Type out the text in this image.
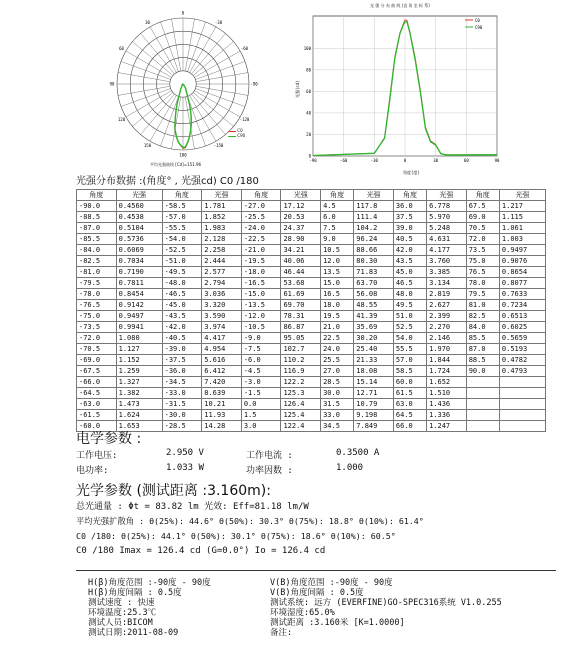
-150
-120
-90
-60
-30
0
30
60
90
120
150
180
C0
C90
平均光强曲线 [Cd]=151.96
光 强 分 布 曲 线 (直 角 坐 标 系)
-90	-60	-30	0	30	60	90
100
80
60
40
20
0
C0
C90
光强(cd)
角度(度)
光强分布数据 :(角度° , 光强cd) C0 /180
角度	光强	角度	光强	角度	光强	角度	光强	角度	光强	角度	光强
-90.0	0.4560	-58.5	1.781	-27.0	17.12	4.5	117.8	36.0	6.778	67.5	1.217
-88.5	0.4538	-57.0	1.852	-25.5	20.53	6.0	111.4	37.5	5.970	69.0	1.115
-87.0	0.5104	-55.5	1.983	-24.0	24.37	7.5	104.2	39.0	5.248	70.5	1.061
-85.5	0.5736	-54.0	2.128	-22.5	28.90	9.0	96.24	40.5	4.631	72.0	1.003
-84.0	0.6069	-52.5	2.258	-21.0	34.21	10.5	88.66	42.0	4.177	73.5	0.9497
-82.5	0.7034	-51.0	2.444	-19.5	40.06	12.0	80.30	43.5	3.760	75.0	0.9076
-81.0	0.7190	-49.5	2.577	-18.0	46.44	13.5	71.83	45.0	3.385	76.5	0.8654
-79.5	0.7811	-48.0	2.794	-16.5	53.68	15.0	63.70	46.5	3.134	78.0	0.8077
-78.0	0.8454	-46.5	3.036	-15.0	61.69	16.5	56.08	48.0	2.819	79.5	0.7633
-76.5	0.9142	-45.0	3.320	-13.5	69.70	18.0	48.55	49.5	2.627	81.0	0.7234
-75.0	0.9497	-43.5	3.590	-12.0	78.31	19.5	41.39	51.0	2.399	82.5	0.6513
-73.5	0.9941	-42.0	3.974	-10.5	86.87	21.0	35.69	52.5	2.270	84.0	0.6025
-72.0	1.080	-40.5	4.417	-9.0	95.05	22.5	30.20	54.0	2.146	85.5	0.5659
-70.5	1.127	-39.0	4.954	-7.5	102.7	24.0	25.40	55.5	1.970	87.0	0.5193
-69.0	1.152	-37.5	5.616	-6.0	110.2	25.5	21.33	57.0	1.844	88.5	0.4782
-67.5	1.259	-36.0	6.412	-4.5	116.9	27.0	18.08	58.5	1.724	90.0	0.4793
-66.0	1.327	-34.5	7.420	-3.0	122.2	28.5	15.14	60.0	1.652		
-64.5	1.382	-33.0	8.639	-1.5	125.3	30.0	12.71	61.5	1.510		
-63.0	1.473	-31.5	10.21	0.0	126.4	31.5	10.79	63.0	1.436		
-61.5	1.624	-30.0	11.93	1.5	125.4	33.0	9.198	64.5	1.336		
-60.0	1.653	-28.5	14.28	3.0	122.4	34.5	7.849	66.0	1.247		
电学参数 :
工作电压:	2.950 V	工作电流 :	0.3500 A
电功率:	1.033 W	功率因数 :	1.000
光学参数 (测试距离 :3.160m):
总光通量 : Φt = 83.82 lm 光效: Eff=81.18 lm/W
平均光强扩散角 : θ(25%): 44.6° θ(50%): 30.3° θ(75%): 18.8° θ(10%): 61.4°
C0 /180: θ(25%): 44.1° θ(50%): 30.1° θ(75%): 18.6° θ(10%): 60.5°
C0 /180 Imax = 126.4 cd (G=0.0°) Io = 126.4 cd
H(β)角度范围 :-90度 - 90度
H(β)角度间隔 : 0.5度
测试速度 : 快速
环境温度:25.3℃
测试人员:BICOM
测试日期:2011-08-09
V(B)角度范围 :-90度 - 90度
V(B)角度间隔 : 0.5度
测试系统: 远方 (EVERFINE)GO-SPEC316系统 V1.0.255
环境湿度:65.0%
测试距离 :3.160米 [K=1.0000]
备注:
